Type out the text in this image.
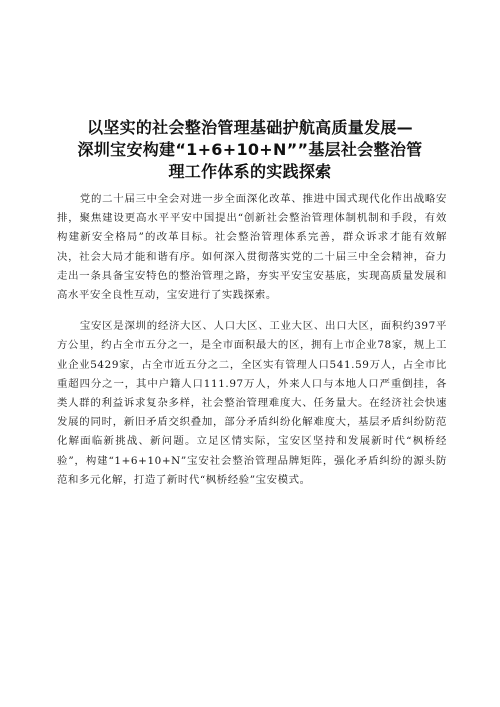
以坚实的社会整治管理基础护航高质量发展—
深圳宝安构建“1+6+10+N””基层社会整治管
理工作体系的实践探索

党的二十届三中全会对进一步全面深化改革、推进中国式现代化作出战略安排，聚焦建设更高水平平安中国提出“创新社会整治管理体制机制和手段，有效构建新安全格局”的改革目标。社会整治管理体系完善，群众诉求才能有效解决，社会大局才能和谐有序。如何深入贯彻落实党的二十届三中全会精神，奋力走出一条具备宝安特色的整治管理之路，夯实平安宝安基底，实现高质量发展和高水平安全良性互动，宝安进行了实践探索。

宝安区是深圳的经济大区、人口大区、工业大区、出口大区，面积约397平方公里，约占全市五分之一，是全市面积最大的区，拥有上市企业78家，规上工业企业5429家，占全市近五分之二，全区实有管理人口541.59万人，占全市比重超四分之一，其中户籍人口111.97万人，外来人口与本地人口严重倒挂，各类人群的利益诉求复杂多样，社会整治管理难度大、任务量大。在经济社会快速发展的同时，新旧矛盾交织叠加，部分矛盾纠纷化解难度大，基层矛盾纠纷防范化解面临新挑战、新问题。立足区情实际，宝安区坚持和发展新时代“枫桥经验”，构建“1+6+10+N”宝安社会整治管理品牌矩阵，强化矛盾纠纷的源头防范和多元化解，打造了新时代“枫桥经验”宝安模式。
